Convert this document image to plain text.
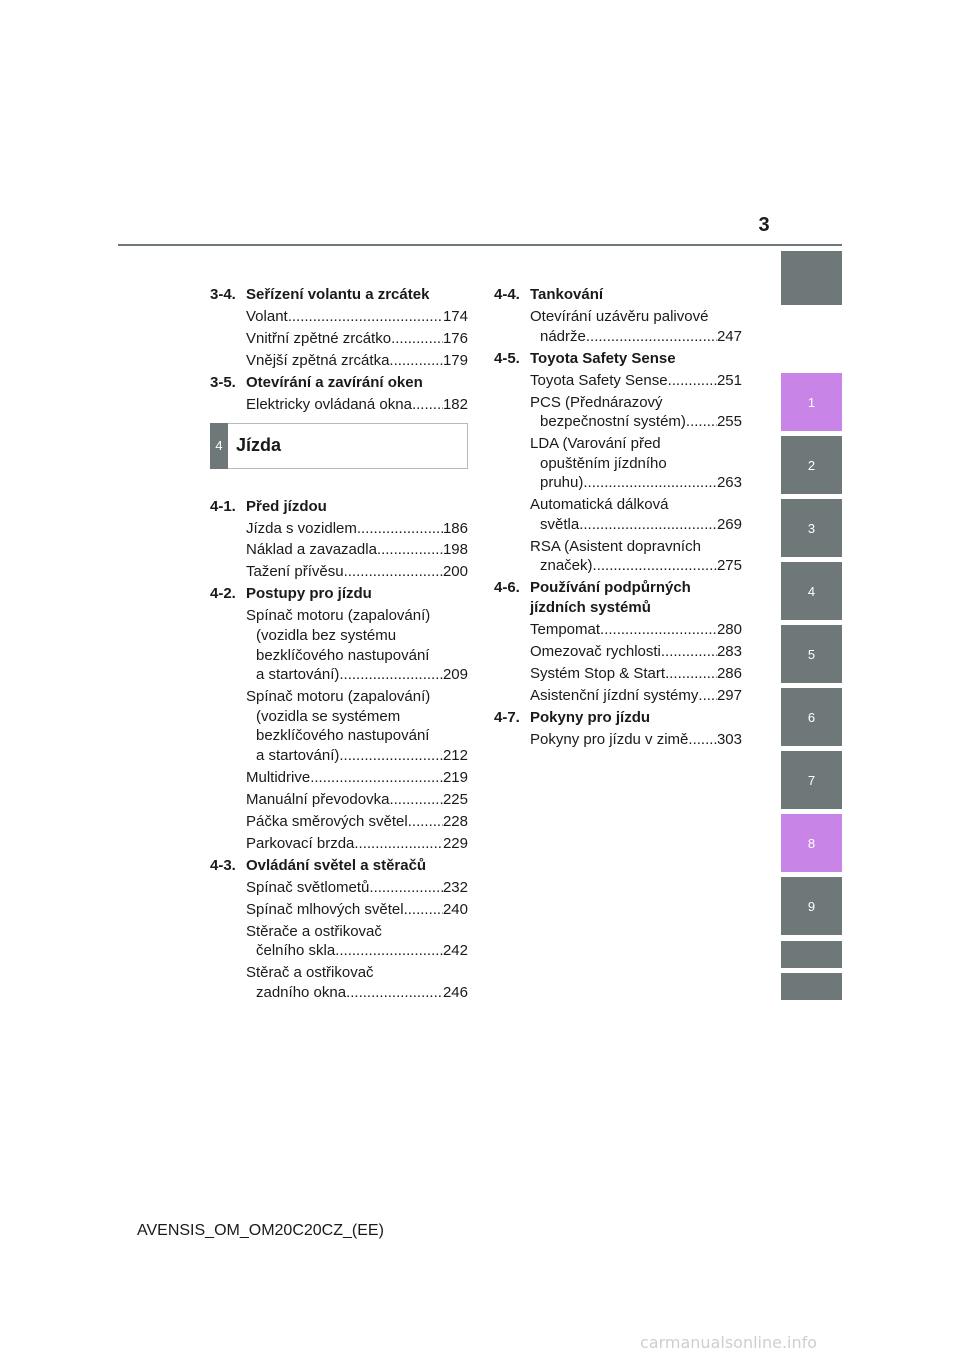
3
3-4. Seřízení volantu a zrcátek
Volant .....	174
Vnitřní zpětné zrcátko .....	176
Vnější zpětná zrcátka .....	179
3-5. Otevírání a zavírání oken
Elektricky ovládaná okna ..... 182
4 Jízda
4-1. Před jízdou
Jízda s vozidlem .....	186
Náklad a zavazadla .....	198
Tažení přívěsu .....	200
4-2. Postupy pro jízdu
Spínač motoru (zapalování)
(vozidla bez systému
bezklíčového nastupování
a startování) .....	209
Spínač motoru (zapalování)
(vozidla se systémem
bezklíčového nastupování
a startování) .....	212
Multidrive .....	219
Manuální převodovka .....	225
Páčka směrových světel ..... 228
Parkovací brzda .....	229
4-3. Ovládání světel a stěračů
Spínač světlometů .....	232
Spínač mlhových světel .....	240
Stěrače a ostřikovač
čelního skla .....	242
Stěrač a ostřikovač
zadního okna .....	246
4-4. Tankování
Otevírání uzávěru palivové
nádrže .....	247
4-5. Toyota Safety Sense
Toyota Safety Sense .....	251
PCS (Přednárazový
bezpečnostní systém) ..... 255
LDA (Varování před
opuštěním jízdního
pruhu) .....	263
Automatická dálková
světla .....	269
RSA (Asistent dopravních
značek) .....	275
4-6. Používání podpůrných jízdních systémů
Tempomat .....	280
Omezovač rychlosti .....	283
Systém Stop & Start .....	286
Asistenční jízdní systémy ..... 297
4-7. Pokyny pro jízdu
Pokyny pro jízdu v zimě ..... 303
1
2
3
4
5
6
7
8
9
AVENSIS_OM_OM20C20CZ_(EE)
carmanualsonline.info
